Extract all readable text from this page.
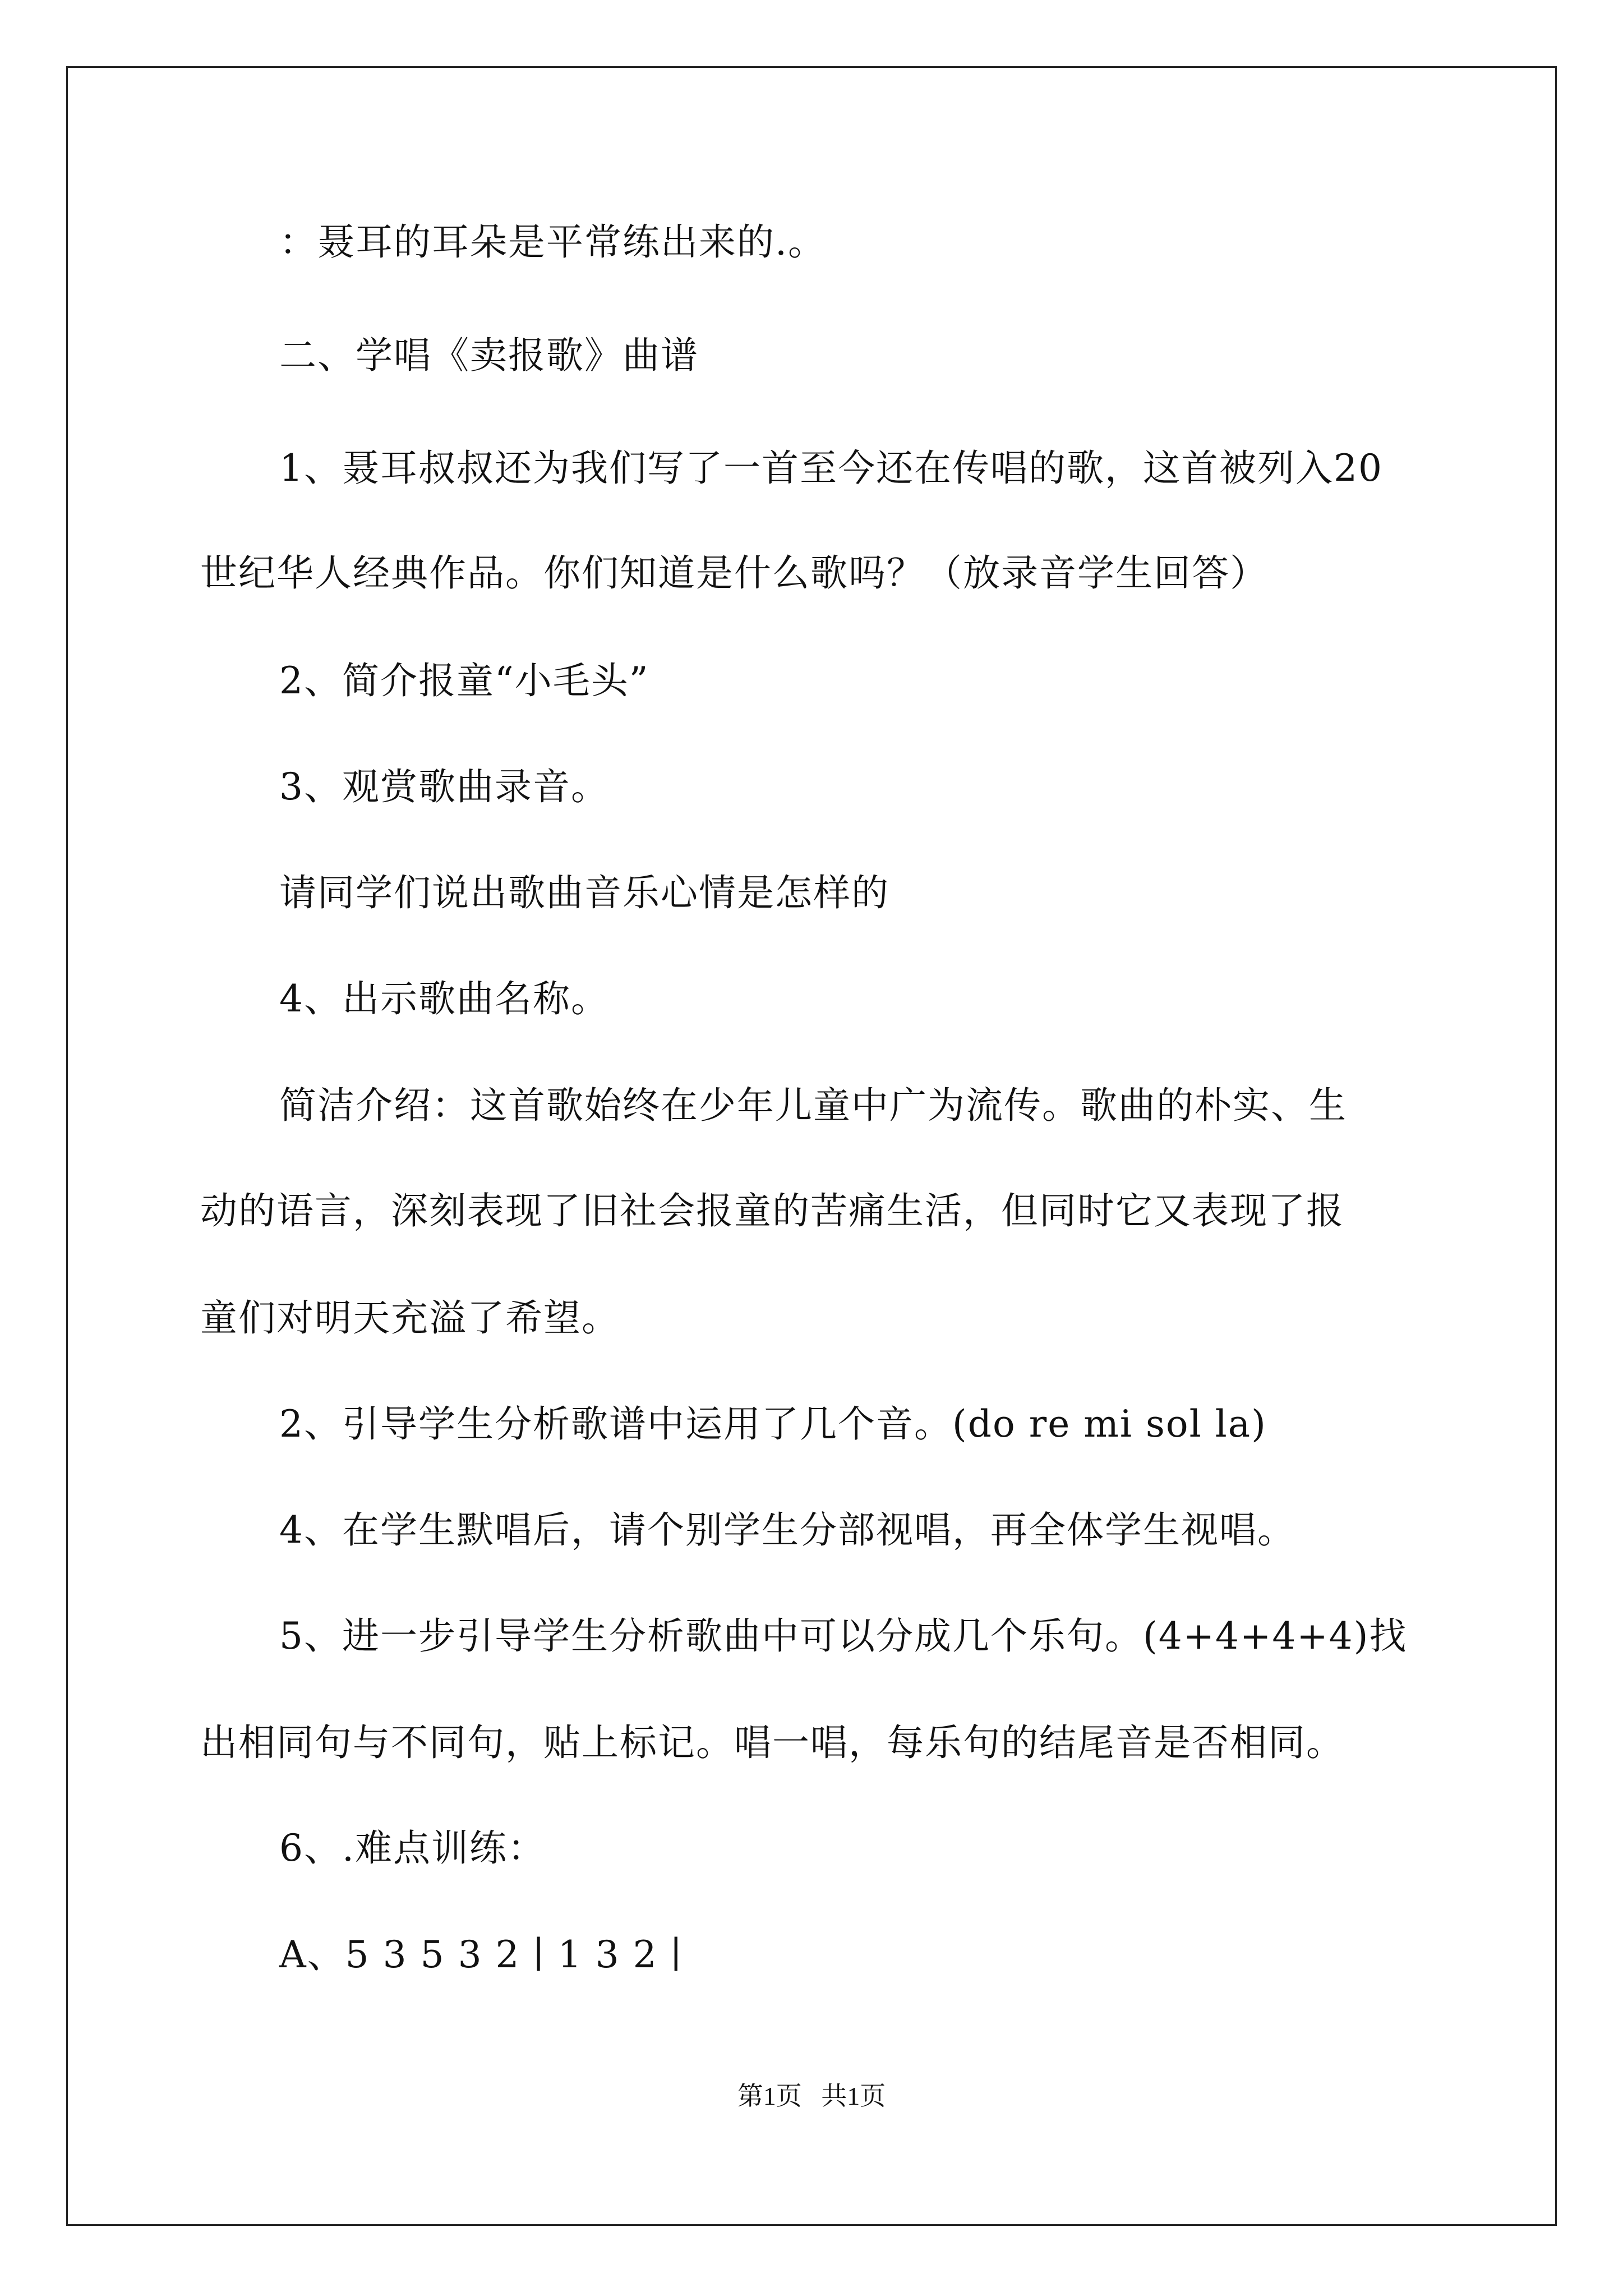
：聂耳的耳朵是平常练出来的.。
二、学唱《卖报歌》曲谱
1、聂耳叔叔还为我们写了一首至今还在传唱的歌，这首被列入20
世纪华人经典作品。你们知道是什么歌吗？（放录音学生回答）
2、简介报童“小毛头”
3、观赏歌曲录音。
请同学们说出歌曲音乐心情是怎样的
4、出示歌曲名称。
简洁介绍：这首歌始终在少年儿童中广为流传。歌曲的朴实、生
动的语言，深刻表现了旧社会报童的苦痛生活，但同时它又表现了报
童们对明天充溢了希望。
2、引导学生分析歌谱中运用了几个音。(do re mi sol la)
4、在学生默唱后，请个别学生分部视唱，再全体学生视唱。
5、进一步引导学生分析歌曲中可以分成几个乐句。(4+4+4+4)找
出相同句与不同句，贴上标记。唱一唱，每乐句的结尾音是否相同。
6、.难点训练：
A、5 3 5 3 2 ∣ 1 3 2 ∣
第1页   共1页
